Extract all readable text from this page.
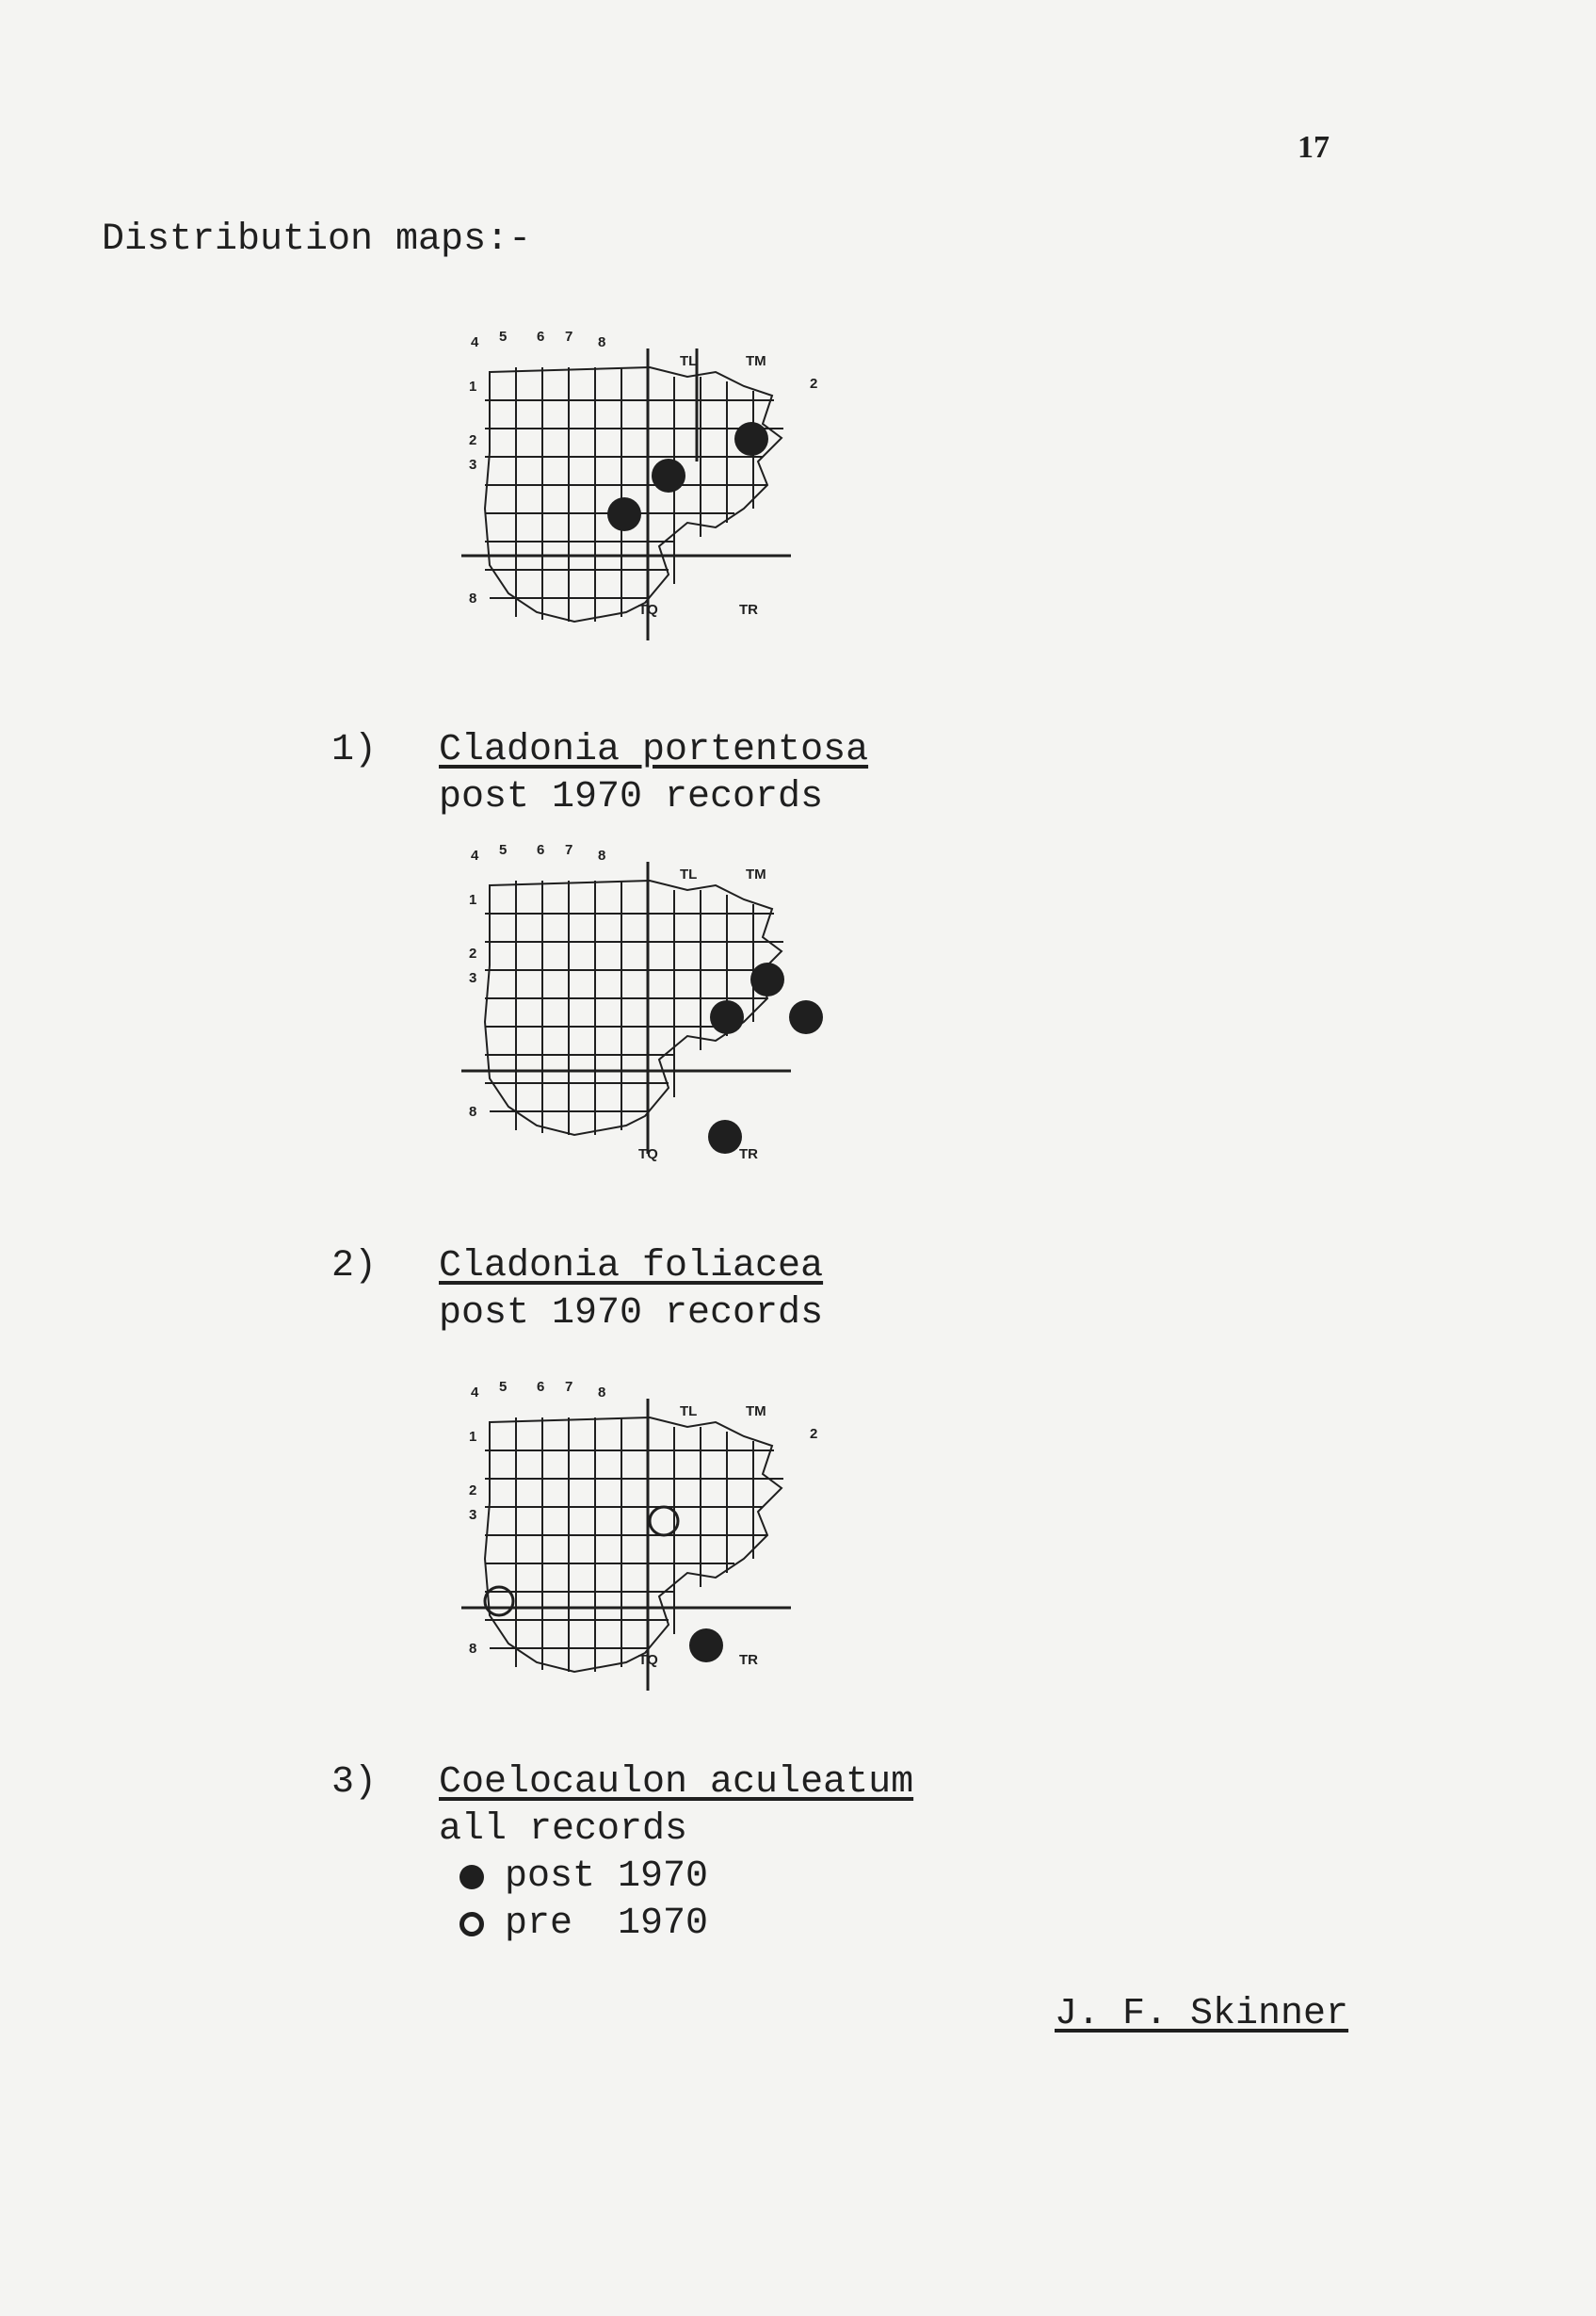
17
Distribution maps:-
4 5 6 7 8
1
2
3
8
TL	TM
2
TQ	TR
1) Cladonia portentosa
post 1970 records
4 5 6 7 8
1
2
3
8
TL	TM
TQ	TR
2) Cladonia foliacea
post 1970 records
4 5 6 7 8
1
2
3
8
TL	TM
2
TQ	TR
3) Coelocaulon aculeatum
all records
post 1970
pre  1970
J. F. Skinner
